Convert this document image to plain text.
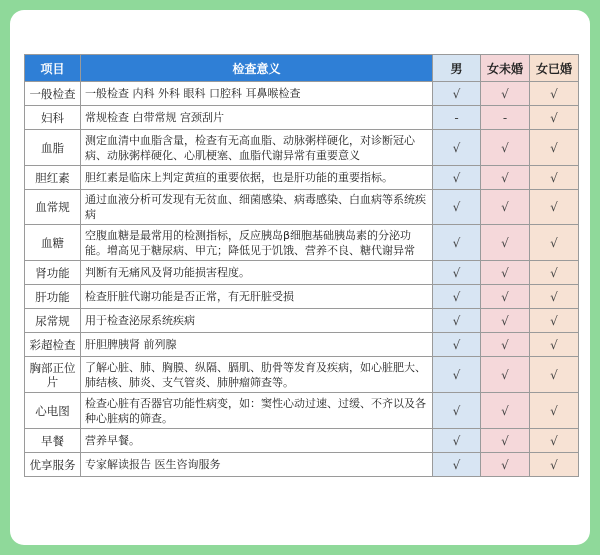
项目	检查意义	男	女未婚	女已婚
一般检查	一般检查 内科 外科 眼科 口腔科 耳鼻喉检查	√	√	√
妇科	常规检查 白带常规 宫颈刮片	-	-	√
血脂	测定血清中血脂含量，检查有无高血脂、动脉粥样硬化，对诊断冠心病、动脉粥样硬化、心肌梗塞、血脂代谢异常有重要意义	√	√	√
胆红素	胆红素是临床上判定黄疸的重要依据，也是肝功能的重要指标。	√	√	√
血常规	通过血液分析可发现有无贫血、细菌感染、病毒感染、白血病等系统疾病	√	√	√
血糖	空腹血糖是最常用的检测指标，反应胰岛β细胞基础胰岛素的分泌功能。增高见于糖尿病、甲亢；降低见于饥饿、营养不良、糖代谢异常	√	√	√
肾功能	判断有无痛风及肾功能损害程度。	√	√	√
肝功能	检查肝脏代谢功能是否正常，有无肝脏受损	√	√	√
尿常规	用于检查泌尿系统疾病	√	√	√
彩超检查	肝胆脾胰肾 前列腺	√	√	√
胸部正位片	了解心脏、肺、胸膜、纵隔、膈肌、肋骨等发育及疾病，如心脏肥大、肺结核、肺炎、支气管炎、肺肿瘤筛查等。	√	√	√
心电图	检查心脏有否器官功能性病变，如：窦性心动过速、过缓、不齐以及各种心脏病的筛查。	√	√	√
早餐	营养早餐。	√	√	√
优享服务	专家解读报告 医生咨询服务	√	√	√
